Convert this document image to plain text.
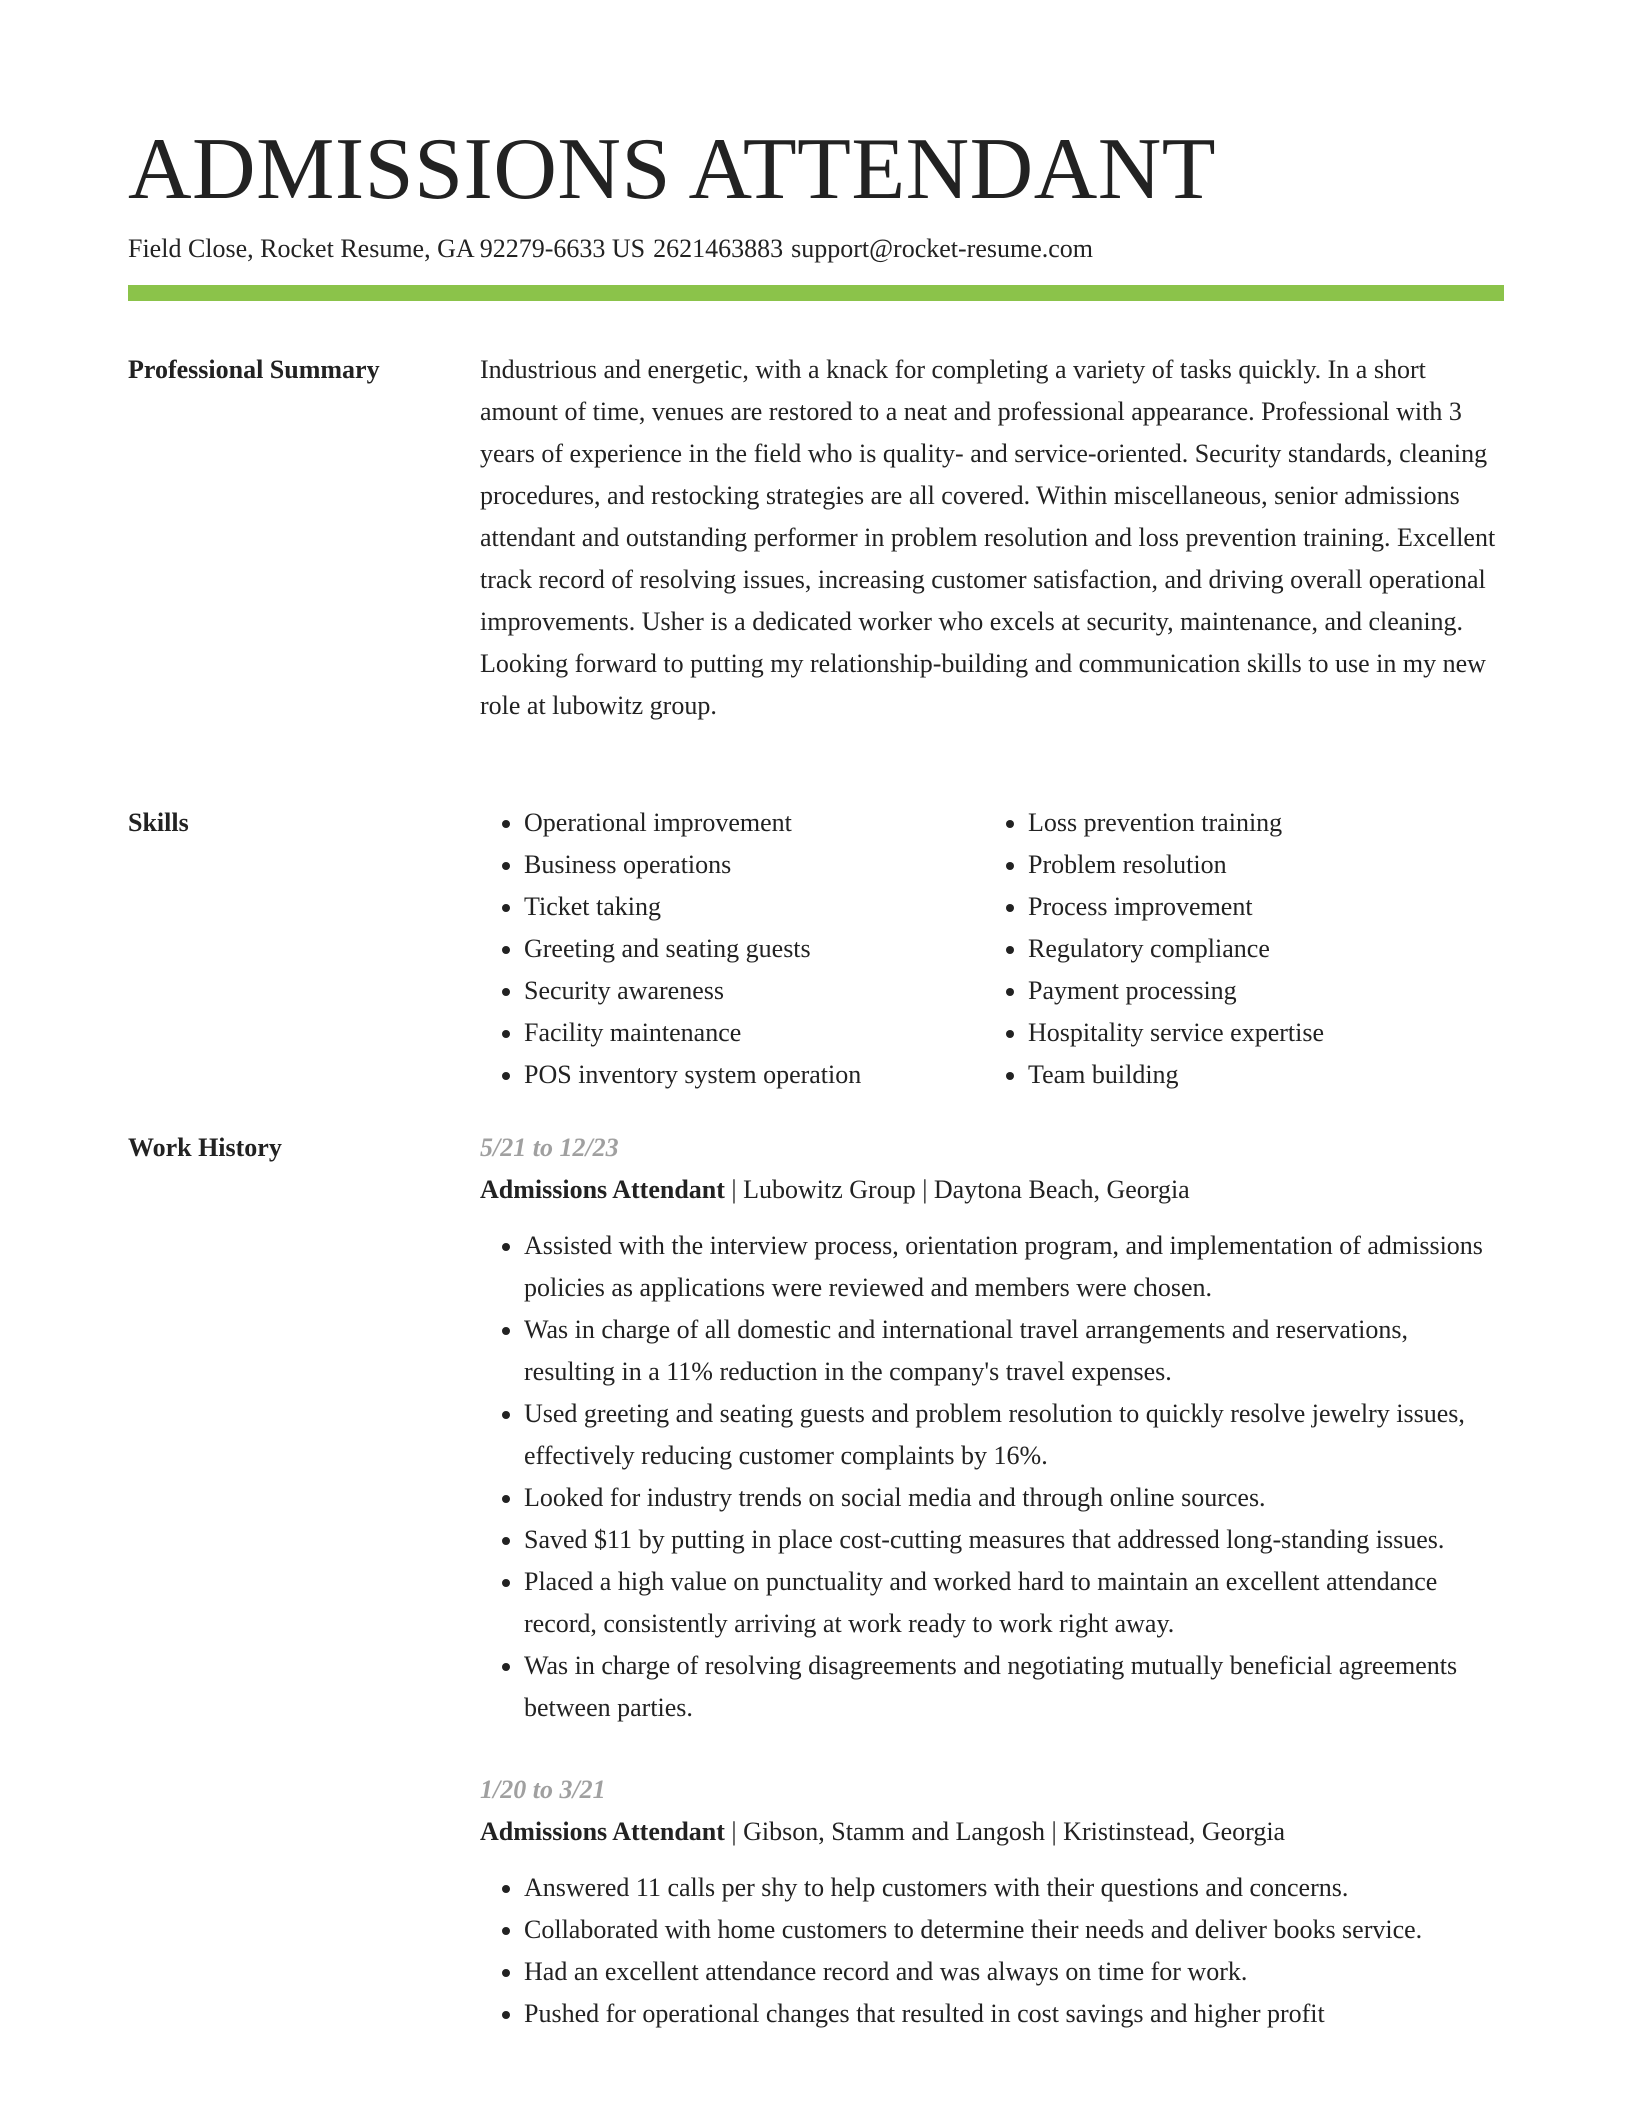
ADMISSIONS ATTENDANT
Field Close, Rocket Resume, GA 92279-6633 US 2621463883 support@rocket-resume.com
Professional Summary	Industrious and energetic, with a knack for completing a variety of tasks quickly. In a short amount of time, venues are restored to a neat and professional appearance. Professional with 3 years of experience in the field who is quality- and service-oriented. Security standards, cleaning procedures, and restocking strategies are all covered. Within miscellaneous, senior admissions attendant and outstanding performer in problem resolution and loss prevention training. Excellent track record of resolving issues, increasing customer satisfaction, and driving overall operational improvements. Usher is a dedicated worker who excels at security, maintenance, and cleaning. Looking forward to putting my relationship-building and communication skills to use in my new role at lubowitz group.

Skills
•	Operational improvement
• Business operations
• Ticket taking
• Greeting and seating guests
• Security awareness
• Facility maintenance
• POS inventory system operation
• Loss prevention training
• Problem resolution
• Process improvement
• Regulatory compliance
• Payment processing
• Hospitality service expertise
• Team building
Work History	5/21 to 12/23
Admissions Attendant | Lubowitz Group | Daytona Beach, Georgia
• Assisted with the interview process, orientation program, and implementation of admissions policies as applications were reviewed and members were chosen.
• Was in charge of all domestic and international travel arrangements and reservations, resulting in a 11% reduction in the company's travel expenses.
• Used greeting and seating guests and problem resolution to quickly resolve jewelry issues, effectively reducing customer complaints by 16%.
• Looked for industry trends on social media and through online sources.
• Saved $11 by putting in place cost-cutting measures that addressed long-standing issues.
• Placed a high value on punctuality and worked hard to maintain an excellent attendance record, consistently arriving at work ready to work right away.
• Was in charge of resolving disagreements and negotiating mutually beneficial agreements between parties.
1/20 to 3/21
Admissions Attendant | Gibson, Stamm and Langosh | Kristinstead, Georgia
• Answered 11 calls per shy to help customers with their questions and concerns.
• Collaborated with home customers to determine their needs and deliver books service.
• Had an excellent attendance record and was always on time for work.
• Pushed for operational changes that resulted in cost savings and higher profit
